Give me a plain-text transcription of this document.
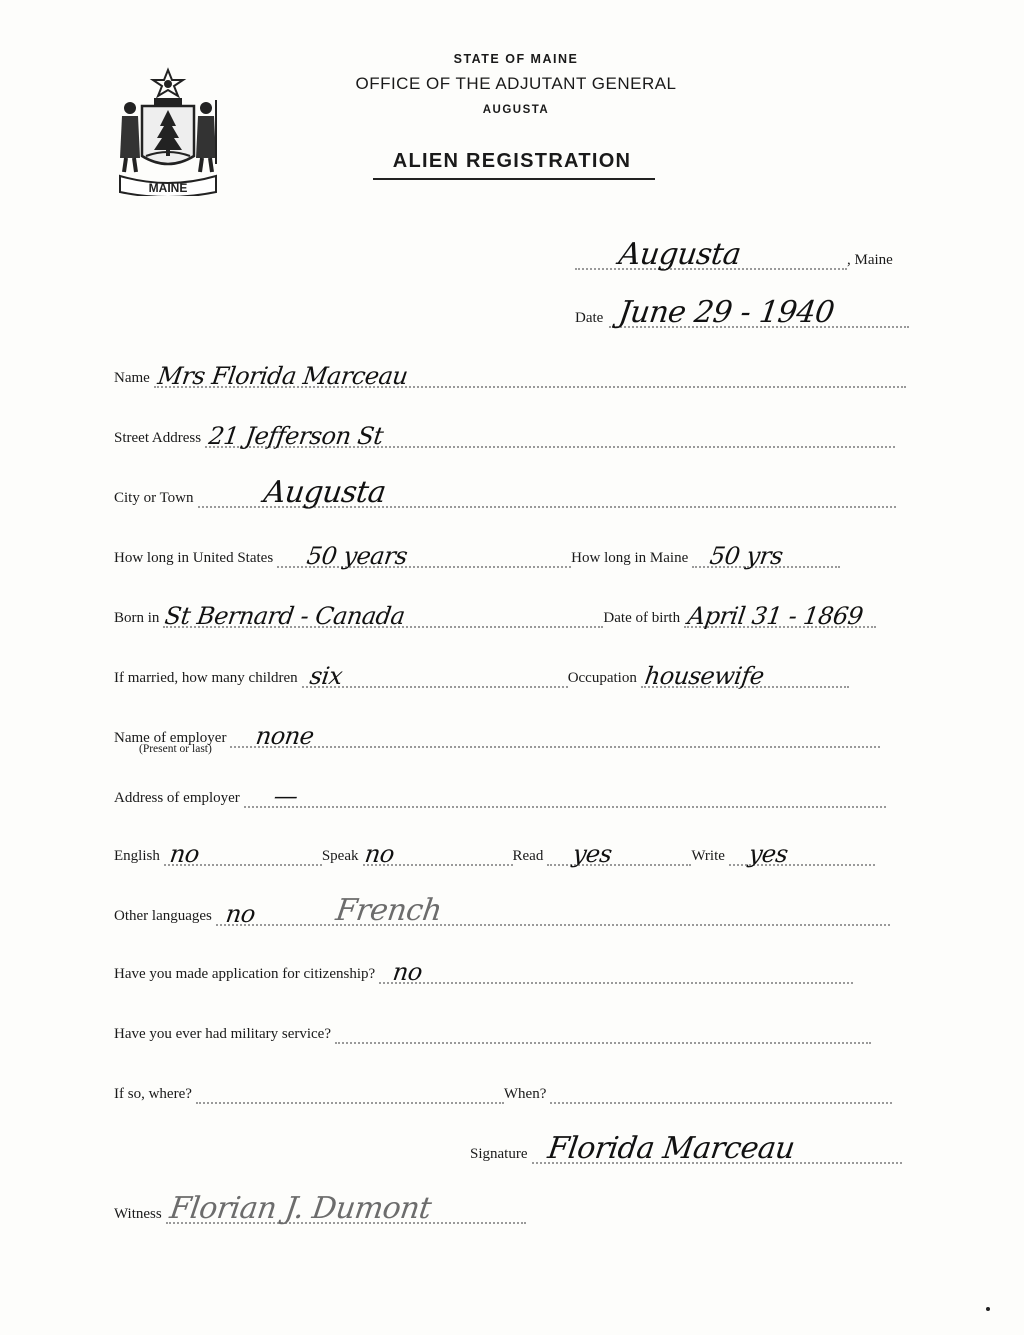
MAINE
STATE OF MAINE
OFFICE OF THE ADJUTANT GENERAL
AUGUSTA
ALIEN REGISTRATION
Augusta	, Maine
Date June 29 - 1940
Name Mrs Florida Marceau
Street Address 21 Jefferson St
City or Town Augusta
How long in United States 50 years	How long in Maine 50 yrs
Born in St Bernard - Canada	Date of birth April 31 - 1869
If married, how many children six	Occupation housewife
Name of employer none
(Present or last)
Address of employer —
English no	Speak no	Read yes	Write yes
Other languages no	French
Have you made application for citizenship? no
Have you ever had military service?
If so, where?	When?
Signature Florida Marceau
Witness Florian J. Dumont
